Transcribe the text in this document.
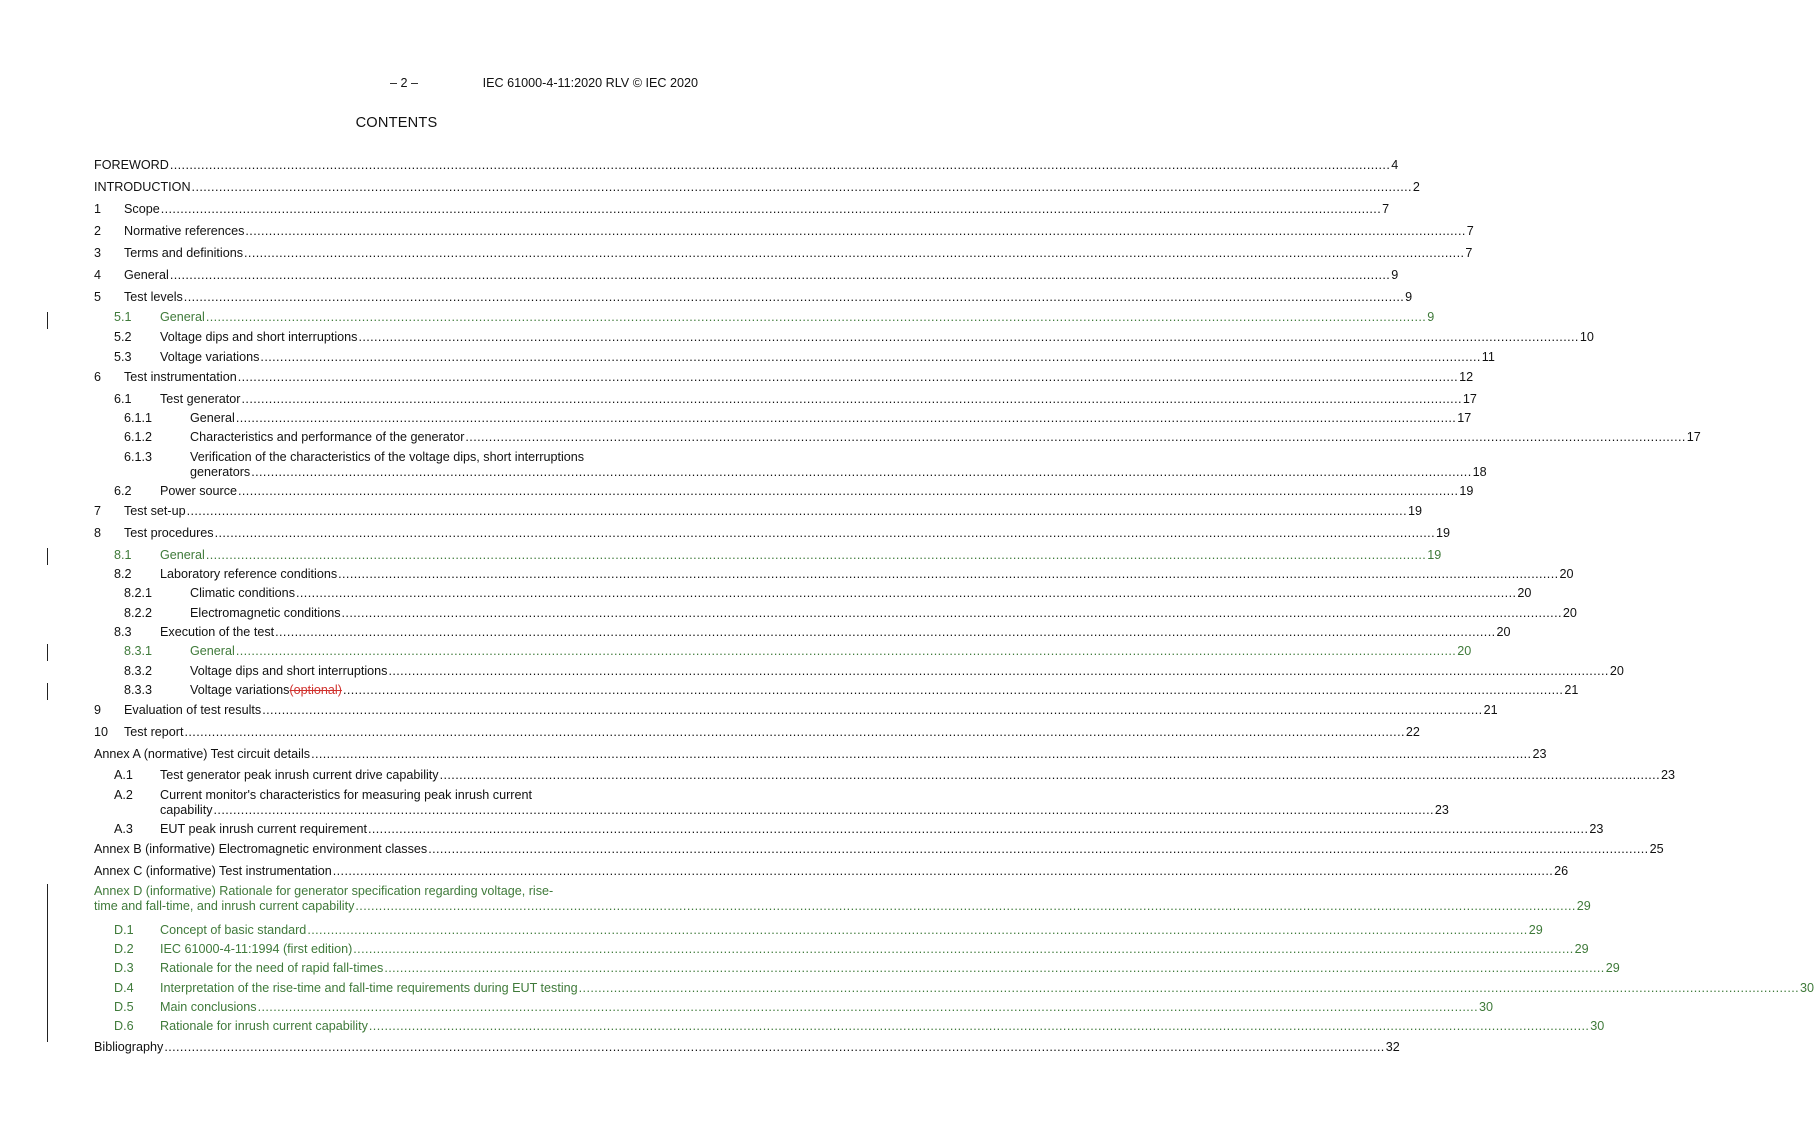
– 2 –	IEC 61000-4-11:2020 RLV © IEC 2020
CONTENTS
FOREWORD .....	4
INTRODUCTION .....	2
1	Scope .....	7
2	Normative references .....	7
3	Terms and definitions .....	7
4	General .....	9
5	Test levels .....	9
5.1	General .....	9
5.2	Voltage dips and short interruptions .....	10
5.3	Voltage variations .....	11
6	Test instrumentation .....	12
6.1	Test generator .....	17
6.1.1	General .....	17
6.1.2	Characteristics and performance of the generator .....	17
6.1.3	Verification of the characteristics of the voltage dips, short interruptions
generators .....	18
6.2	Power source .....	19
7	Test set-up .....	19
8	Test procedures .....	19
8.1	General .....	19
8.2	Laboratory reference conditions .....	20
8.2.1	Climatic conditions .....	20
8.2.2	Electromagnetic conditions .....	20
8.3	Execution of the test .....	20
8.3.1	General .....	20
8.3.2	Voltage dips and short interruptions .....	20
8.3.3	Voltage variations (optional) .....	21
9	Evaluation of test results .....	21
10	Test report .....	22
Annex A (normative) Test circuit details .....	23
A.1	Test generator peak inrush current drive capability .....	23
A.2	Current monitor's characteristics for measuring peak inrush current
capability .....	23
A.3	EUT peak inrush current requirement .....	23
Annex B (informative) Electromagnetic environment classes .....	25
Annex C (informative) Test instrumentation .....	26
Annex D (informative) Rationale for generator specification regarding voltage, rise-
time and fall-time, and inrush current capability .....	29
D.1	Concept of basic standard .....	29
D.2	IEC 61000-4-11:1994 (first edition) .....	29
D.3	Rationale for the need of rapid fall-times .....	29
D.4	Interpretation of the rise-time and fall-time requirements during EUT testing .....	30
D.5	Main conclusions .....	30
D.6	Rationale for inrush current capability .....	30
Bibliography .....	32
